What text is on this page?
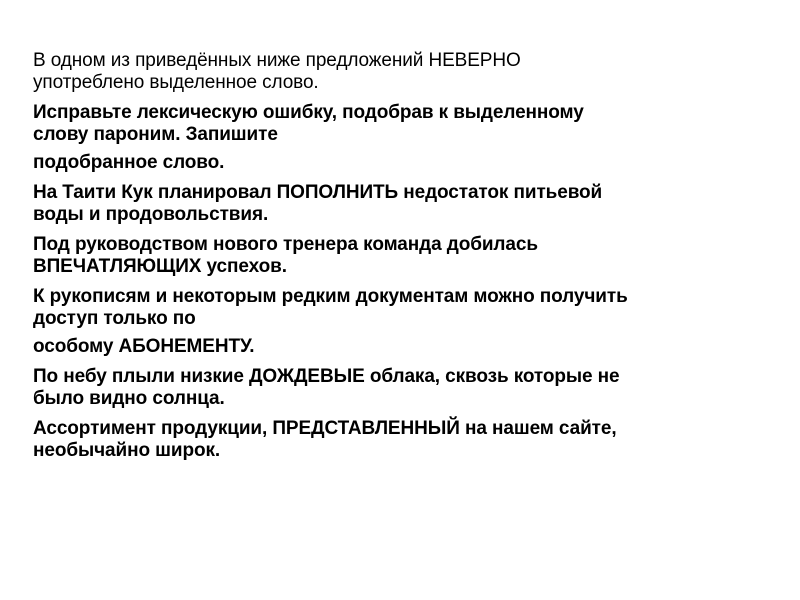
В одном из приведённых ниже предложений НЕВЕРНО

употреблено выделенное слово.

Исправьте лексическую ошибку, подобрав к выделенному

слову пароним. Запишите

подобранное слово.

На Таити Кук планировал ПОПОЛНИТЬ недостаток питьевой

воды и продовольствия.

Под руководством нового тренера команда добилась

ВПЕЧАТЛЯЮЩИХ успехов.

К рукописям и некоторым редким документам можно получить

доступ только по

особому АБОНЕМЕНТУ.

По небу плыли низкие ДОЖДЕВЫЕ облака, сквозь которые не

было видно солнца.

Ассортимент продукции, ПРЕДСТАВЛЕННЫЙ на нашем сайте,

необычайно широк.
